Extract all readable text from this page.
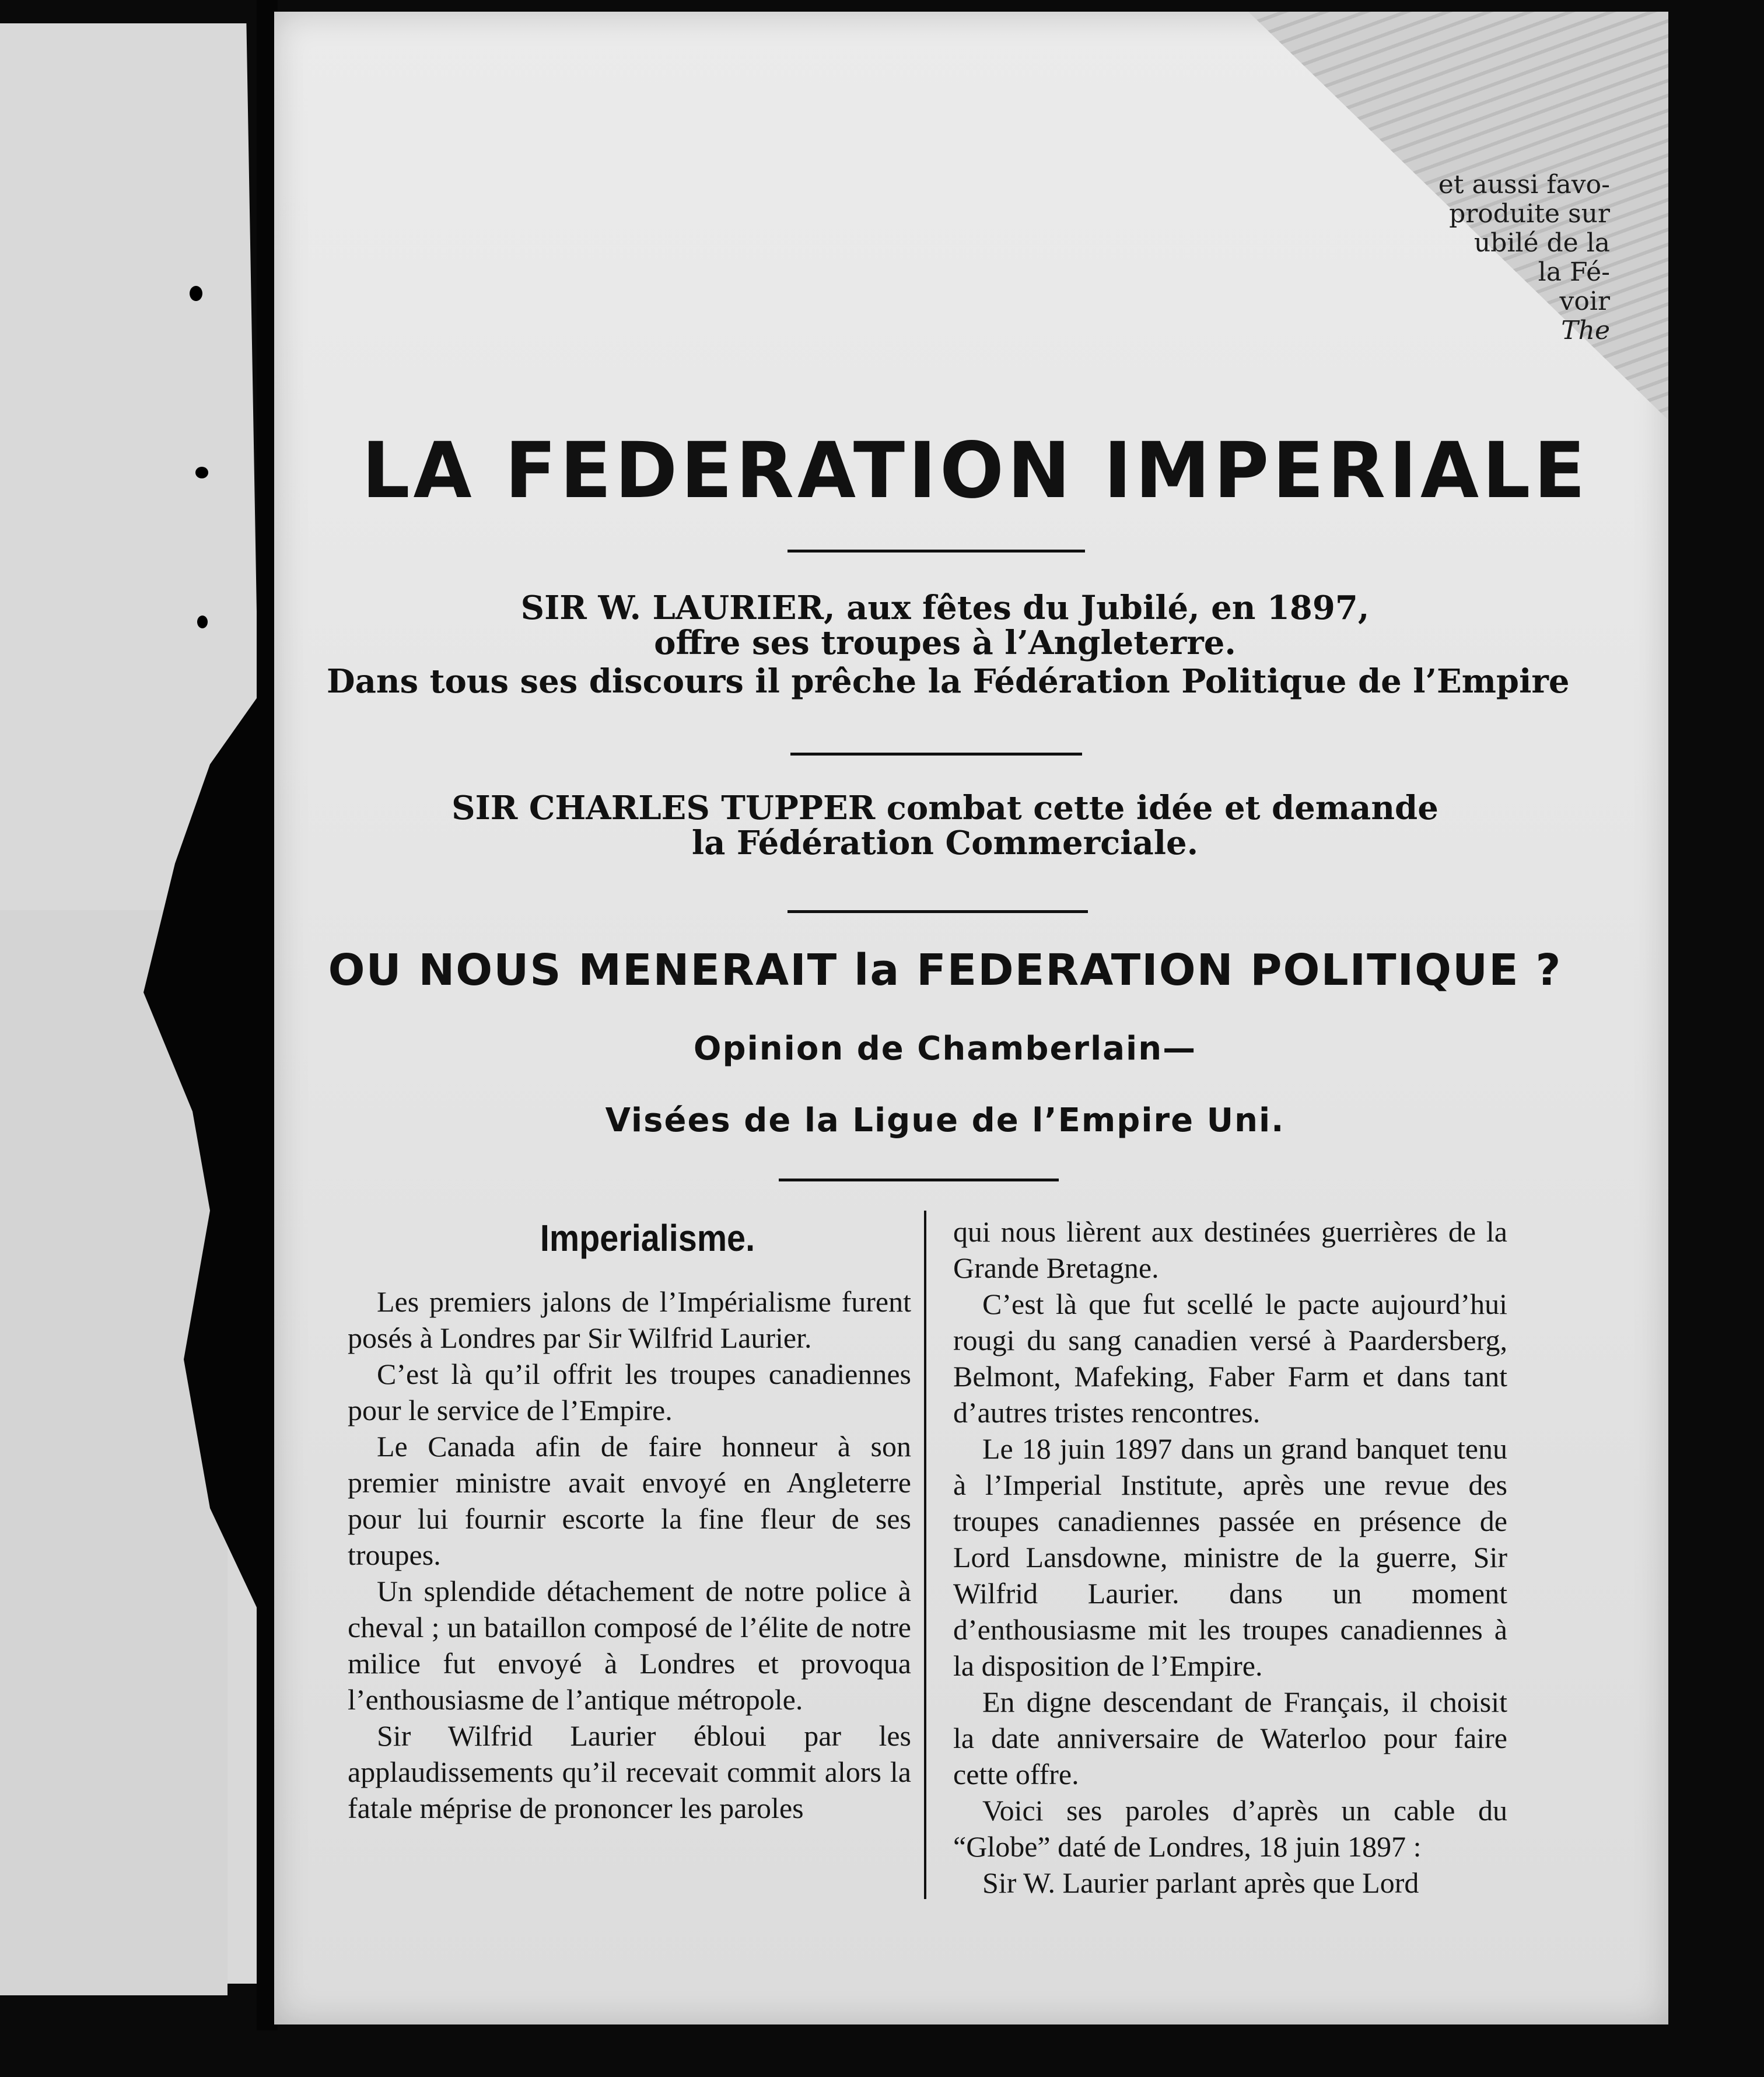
et aussi favo-
produite sur
ubilé de la
la Fé-
voir
The
LA FEDERATION IMPERIALE
SIR W. LAURIER, aux fêtes du Jubilé, en 1897,
offre ses troupes à l’Angleterre.
Dans tous ses discours il prêche la Fédération Politique de l’Empire
SIR CHARLES TUPPER combat cette idée et demande
la Fédération Commerciale.
OU NOUS MENERAIT la FEDERATION POLITIQUE ?
Opinion de Chamberlain—
Visées de la Ligue de l’Empire Uni.
Imperialisme.

Les premiers jalons de l’Impérialisme furent posés à Londres par Sir Wilfrid Laurier.

C’est là qu’il offrit les troupes canadiennes pour le service de l’Empire.

Le Canada afin de faire honneur à son premier ministre avait envoyé en Angleterre pour lui fournir escorte la fine fleur de ses troupes.

Un splendide détachement de notre police à cheval ; un bataillon composé de l’élite de notre milice fut envoyé à Londres et provoqua l’enthousiasme de l’antique métropole.

Sir Wilfrid Laurier ébloui par les applaudissements qu’il recevait commit alors la fatale méprise de prononcer les paroles

qui nous lièrent aux destinées guerrières de la Grande Bretagne.

C’est là que fut scellé le pacte aujourd’hui rougi du sang canadien versé à Paardersberg, Belmont, Mafeking, Faber Farm et dans tant d’autres tristes rencontres.

Le 18 juin 1897 dans un grand banquet tenu à l’Imperial Institute, après une revue des troupes canadiennes passée en présence de Lord Lansdowne, ministre de la guerre, Sir Wilfrid Laurier. dans un moment d’enthousiasme mit les troupes canadiennes à la disposition de l’Empire.

En digne descendant de Français, il choisit la date anniversaire de Waterloo pour faire cette offre.

Voici ses paroles d’après un cable du “Globe” daté de Londres, 18 juin 1897 :

Sir W. Laurier parlant après que Lord
